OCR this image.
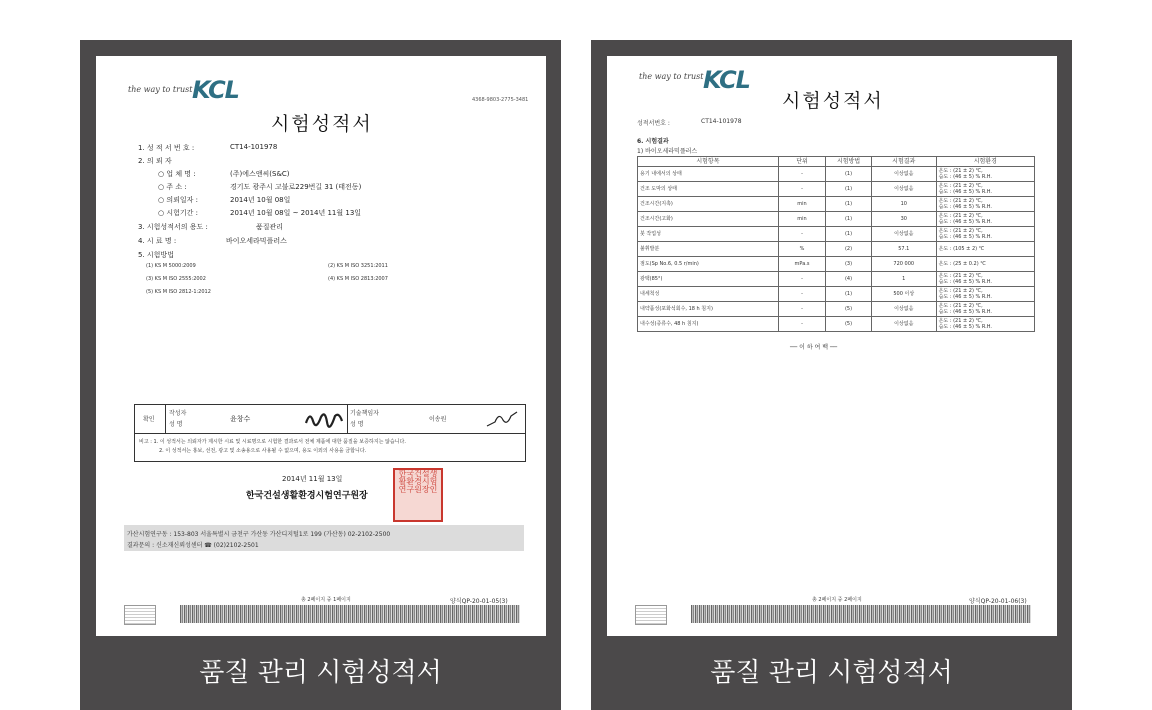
the way to trust KCL	4368-9803-2775-3481
시험성적서
1. 성 적 서 번 호 :	CT14-101978
2. 의 뢰 자
○ 업 체 명 :	(주)에스앤씨(S&C)
○ 주 소 :	경기도 광주시 고불로229번길 31 (태전동)
○ 의뢰일자 :	2014년 10월 08일
○ 시험기간 :	2014년 10월 08일 ~ 2014년 11월 13일
3. 시험성적서의 용도 :	품질관리
4. 시 료 명 :	바이오세라믹플러스
5. 시험방법
(1) KS M 5000:2009	(2) KS M ISO 3251:2011
(3) KS M ISO 2555:2002	(4) KS M ISO 2813:2007
(5) KS M ISO 2812-1:2012
확인
작성자
성 명
윤창수
기술책임자
성 명
이송원
비고 : 1. 이 성적서는 의뢰자가 제시한 시료 및 시료명으로 시험한 결과로서 전체 제품에 대한 품질을 보증하지는 않습니다.
2. 이 성적서는 홍보, 선전, 광고 및 소송용으로 사용될 수 없으며, 용도 이외의 사용을 금합니다.
2014년 11월 13일
한국건설생활환경시험연구원장
한국건설생활환경시험연구원장인
가산시험연구동 : 153-803 서울특별시 금천구 가산동 가산디지털1로 199 (가산동) 02-2102-2500
결과문의 : 신소재신뢰성센터 ☎ (02)2102-2501
총 2페이지 중 1페이지	양식QP-20-01-05(3)
품질 관리 시험성적서
the way to trust KCL
시험성적서
성적서번호 :	CT14-101978
6. 시험결과
1) 바이오세라믹플러스
시험항목	단위	시험방법	시험결과	시험환경
용기 내에서의 상태	-	(1)	이상없음	온도 : (21 ± 2) ℃,
습도 : (46 ± 5) % R.H.

건조 도막의 상태	-	(1)	이상없음	온도 : (21 ± 2) ℃,
습도 : (46 ± 5) % R.H.

건조시간(지촉)	min	(1)	10	온도 : (21 ± 2) ℃,
습도 : (46 ± 5) % R.H.

건조시간(고화)	min	(1)	30	온도 : (21 ± 2) ℃,
습도 : (46 ± 5) % R.H.

붓 작업성	-	(1)	이상없음	온도 : (21 ± 2) ℃,
습도 : (46 ± 5) % R.H.

불휘발분	%	(2)	57.1	온도 : (105 ± 2) ℃

점도(Sp No.6, 0.5 r/min)	mPa.s	(3)	720 000	온도 : (25 ± 0.2) ℃

광택(85°)	-	(4)	1	온도 : (21 ± 2) ℃,
습도 : (46 ± 5) % R.H.

내세척성	-	(1)	500 이상	온도 : (21 ± 2) ℃,
습도 : (46 ± 5) % R.H.

내약품성(포화석회수, 18 h 침지)	-	(5)	이상없음	온도 : (21 ± 2) ℃,
습도 : (46 ± 5) % R.H.

내수성(증류수, 48 h 침지)	-	(5)	이상없음	온도 : (21 ± 2) ℃,
습도 : (46 ± 5) % R.H.
── 이 하 여 백 ──
총 2페이지 중 2페이지	양식QP-20-01-06(3)
품질 관리 시험성적서
